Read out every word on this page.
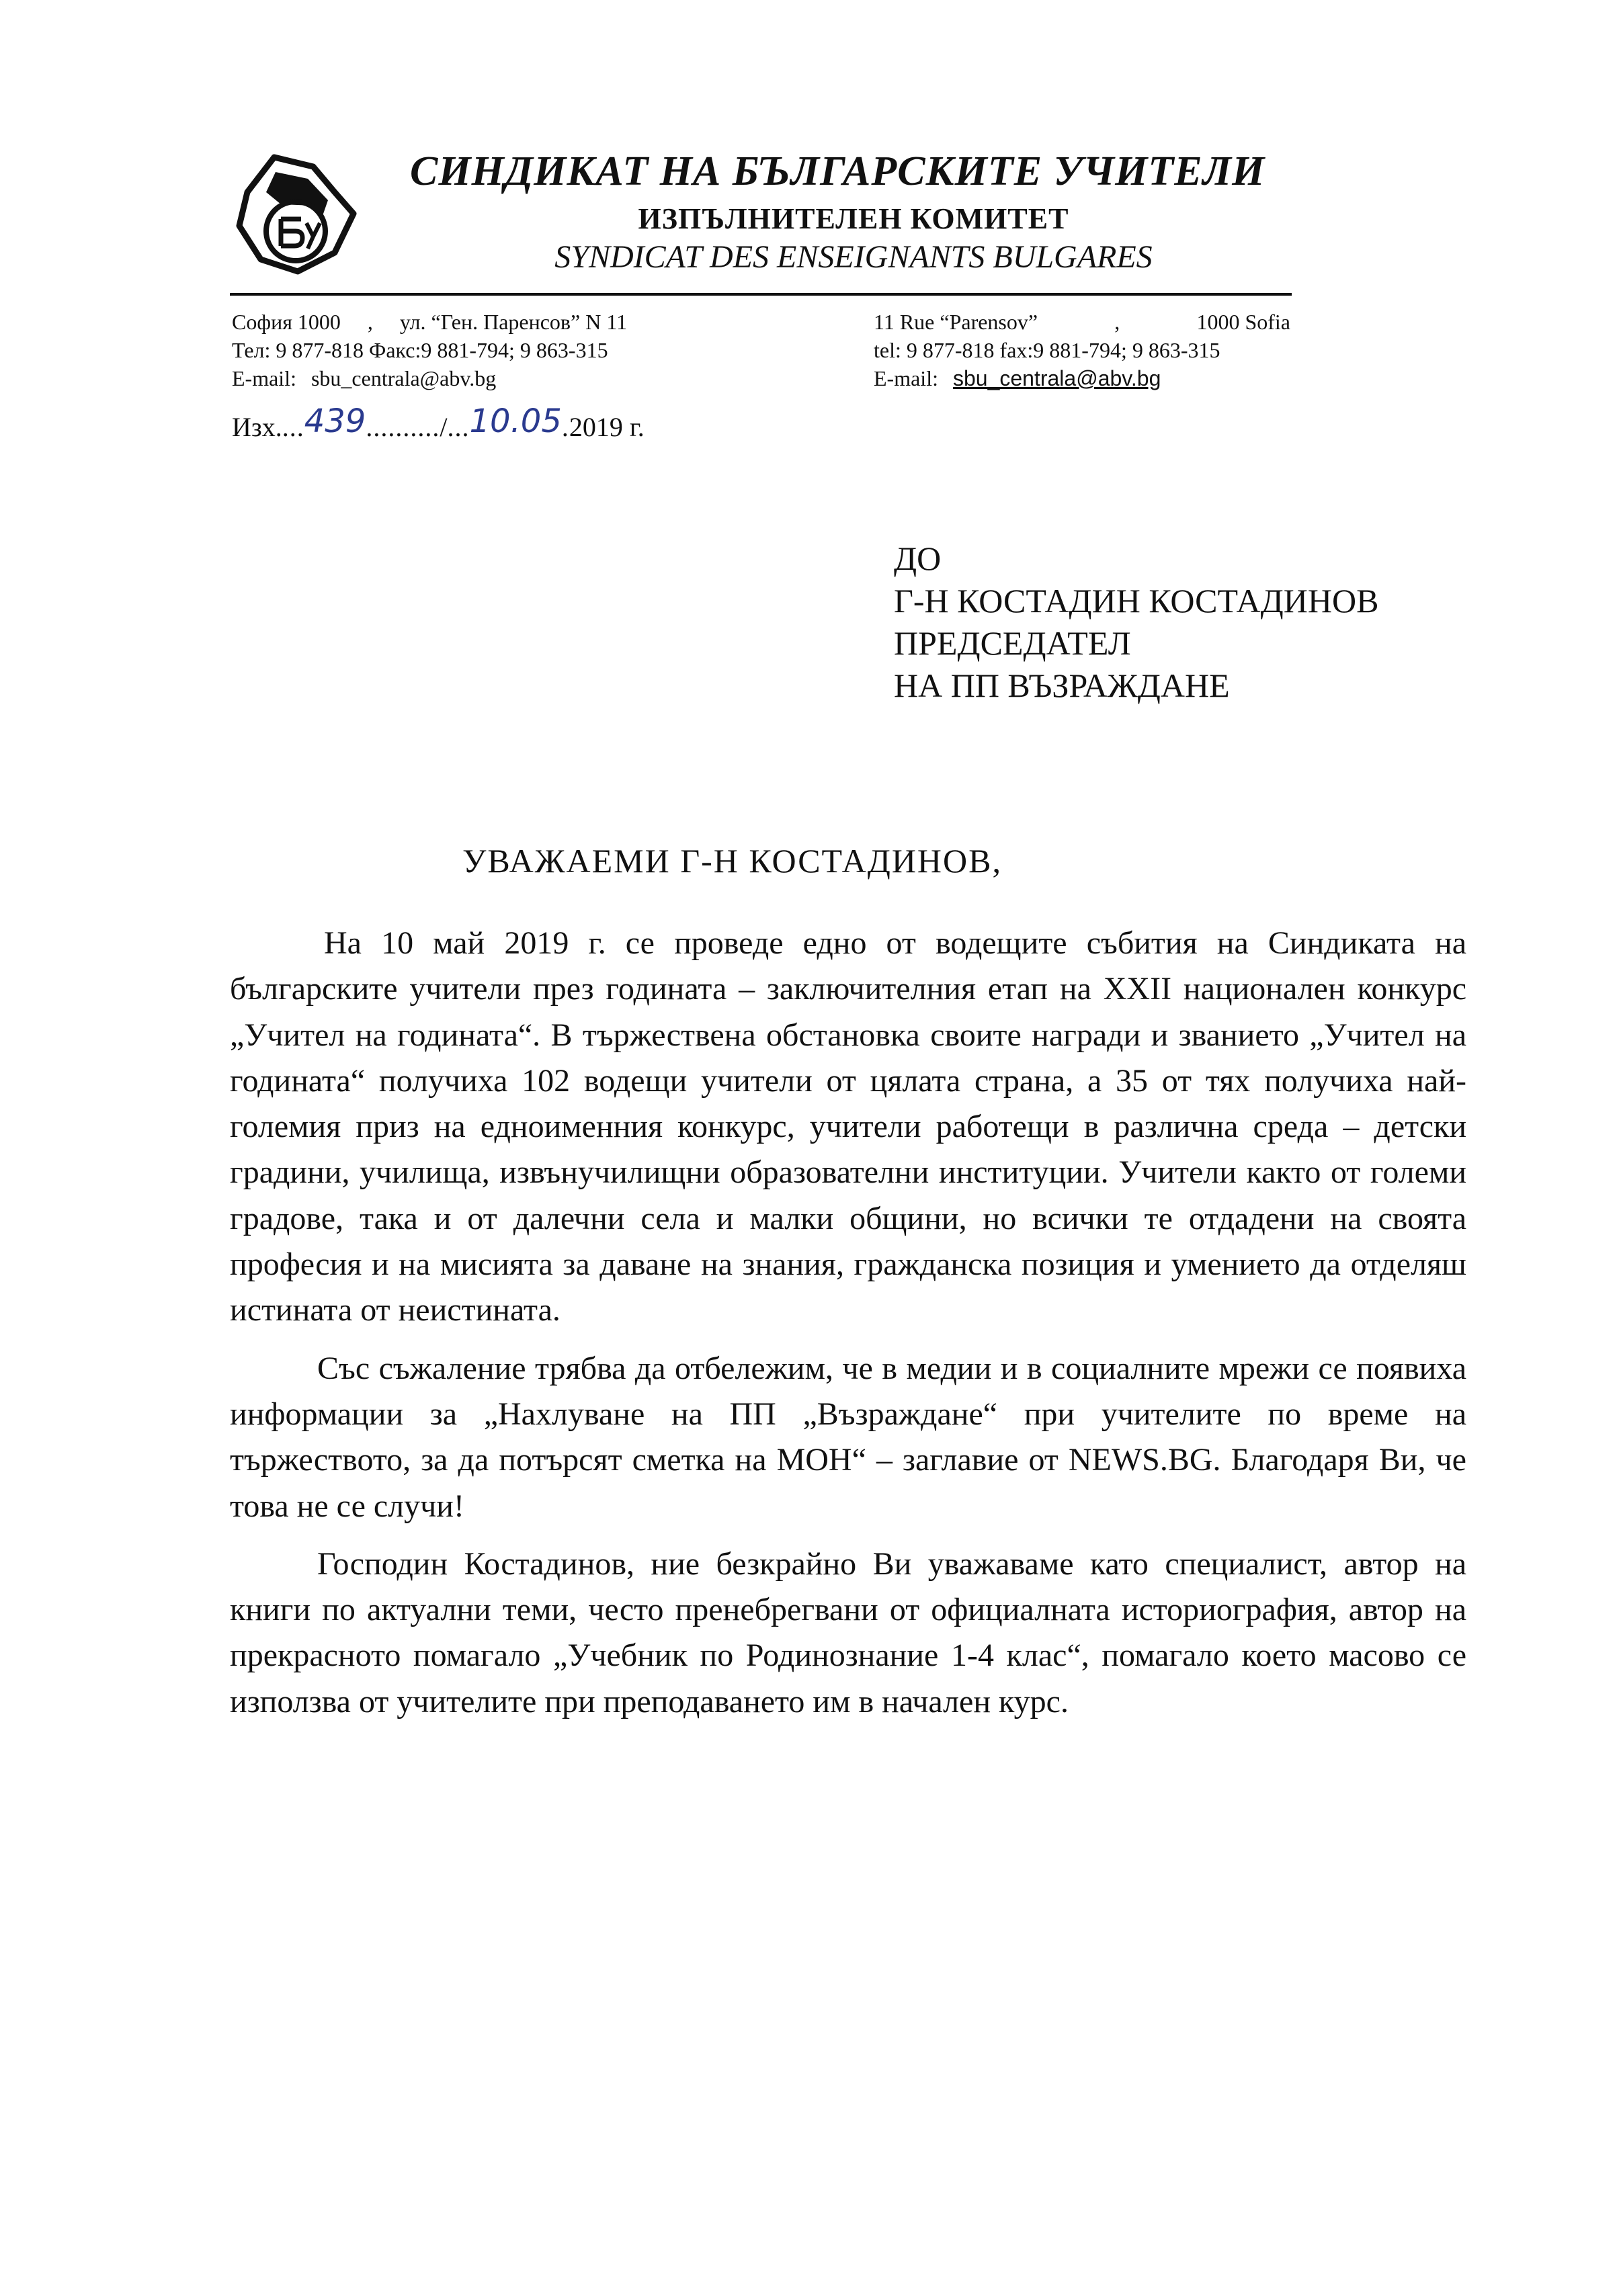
СИНДИКАТ НА БЪЛГАРСКИТЕ УЧИТЕЛИ
ИЗПЪЛНИТЕЛЕН КОМИТЕТ
SYNDICAT DES ENSEIGNANTS BULGARES
София 1000 , ул. “Ген. Паренсов” N 11
Тел: 9 877-818 Факс:9 881-794; 9 863-315
E-mail: sbu_centrala@abv.bg
11 Rue “Parensov”	,	1000 Sofia
tel: 9 877-818 fax:9 881-794; 9 863-315
E-mail: sbu_centrala@abv.bg
Изх....439........../...10.05.2019 г.
ДО
Г-Н КОСТАДИН КОСТАДИНОВ
ПРЕДСЕДАТЕЛ
НА ПП ВЪЗРАЖДАНЕ
УВАЖАЕМИ Г-Н КОСТАДИНОВ,

На 10 май 2019 г. се проведе едно от водещите събития на Синдиката на българските учители през годината – заключителния етап на XXII национален конкурс „Учител на годината“. В тържествена обстановка своите награди и званието „Учител на годината“ получиха 102 водещи учители от цялата страна, а 35 от тях получиха най-големия приз на едноименния конкурс, учители работещи в различна среда – детски градини, училища, извънучилищни образователни институции. Учители както от големи градове, така и от далечни села и малки общини, но всички те отдадени на своята професия и на мисията за даване на знания, гражданска позиция и умението да отделяш истината от неистината.

Със съжаление трябва да отбележим, че в медии и в социалните мрежи се появиха информации за „Нахлуване на ПП „Възраждане“ при учителите по време на тържеството, за да потърсят сметка на МОН“ – заглавие от NEWS.BG. Благодаря Ви, че това не се случи!

Господин Костадинов, ние безкрайно Ви уважаваме като специалист, автор на книги по актуални теми, често пренебрегвани от официалната историография, автор на прекрасното помагало „Учебник по Родинознание 1-4 клас“, помагало което масово се използва от учителите при преподаването им в начален курс.
